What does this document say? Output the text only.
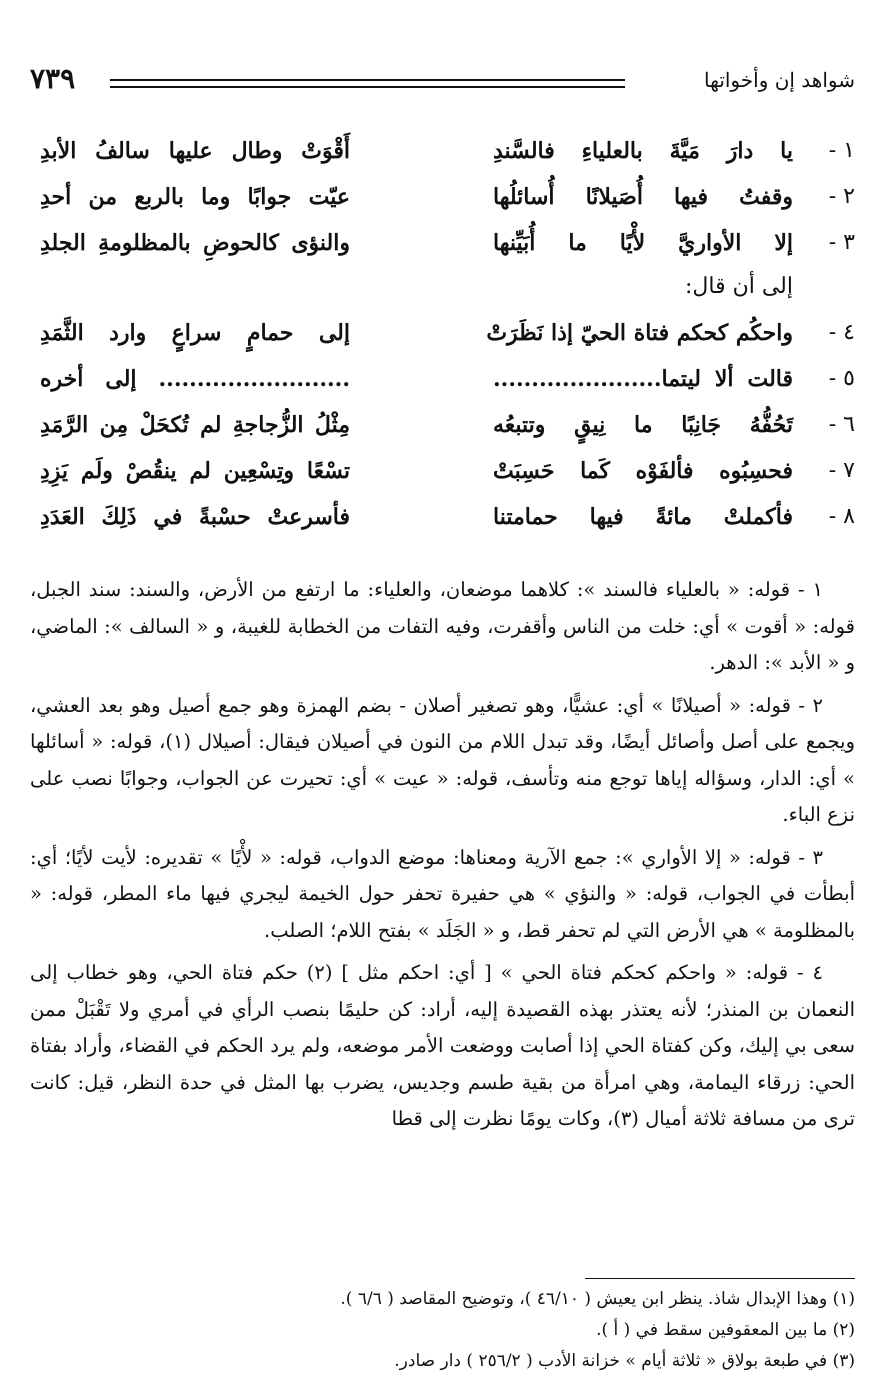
شواهد إن وأخواتها
٧٣٩
١ -
يا دارَ مَيَّةَ بالعلياءِ فالسَّندِ
أَقْوَتْ وطال عليها سالفُ الأبدِ
٢ -
وقفتُ فيها أُصَيلانًا أُسائلُها
عيّت جوابًا وما بالربع من أحدِ
٣ -
إلا الأواريَّ لأْيًا ما أُبَيِّنها
والنؤى كالحوضِ بالمظلومةِ الجلدِ
إلى أن قال:
٤ -
واحكُم كحكم فتاة الحيّ إذا نَظَرَتْ
إلى حمامٍ سراعٍ وارد الثَّمَدِ
٥ -
قالت ألا ليتما......................
......................... إلى أخره
٦ -
تَحُفُّهُ جَانِبًا ما نِيقٍ وتتبعُه
مِثْلُ الزُّجاجةِ لم تُكحَلْ مِن الرَّمَدِ
٧ -
فحسِبُوه فألفَوْه كَما حَسِبَتْ
تسْعًا وتِسْعِين لم ينقُصْ ولَم يَزِدِ
٨ -
فأكملتْ مائةً فيها حمامتنا
فأسرعتْ حسْبةً في ذَلِكَ العَدَدِ

١ - قوله: « بالعلياء فالسند »: كلاهما موضعان، والعلياء: ما ارتفع من الأرض، والسند: سند الجبل، قوله: « أقوت » أي: خلت من الناس وأقفرت، وفيه التفات من الخطابة للغيبة، و « السالف »: الماضي، و « الأبد »: الدهر.

٢ - قوله: « أصيلانًا » أي: عشيًّا، وهو تصغير أصلان - بضم الهمزة وهو جمع أصيل وهو بعد العشي، ويجمع على أصل وأصائل أيضًا، وقد تبدل اللام من النون في أصيلان فيقال: أصيلال (١)، قوله: « أسائلها » أي: الدار، وسؤاله إياها توجع منه وتأسف، قوله: « عيت » أي: تحيرت عن الجواب، وجوابًا نصب على نزع الباء.

٣ - قوله: « إلا الأواري »: جمع الآرية ومعناها: موضع الدواب، قوله: « لأْيًا » تقديره: لأيت لأيًا؛ أي: أبطأت في الجواب، قوله: « والنؤي » هي حفيرة تحفر حول الخيمة ليجري فيها ماء المطر، قوله: « بالمظلومة » هي الأرض التي لم تحفر قط، و « الجَلَد » بفتح اللام؛ الصلب.

٤ - قوله: « واحكم كحكم فتاة الحي » [ أي: احكم مثل ] (٢) حكم فتاة الحي، وهو خطاب إلى النعمان بن المنذر؛ لأنه يعتذر بهذه القصيدة إليه، أراد: كن حليمًا بنصب الرأي في أمري ولا تَقْبَلْ ممن سعى بي إليك، وكن كفتاة الحي إذا أصابت ووضعت الأمر موضعه، ولم يرد الحكم في القضاء، وأراد بفتاة الحي: زرقاء اليمامة، وهي امرأة من بقية طسم وجديس، يضرب بها المثل في حدة النظر، قيل: كانت ترى من مسافة ثلاثة أميال (٣)، وكات يومًا نظرت إلى قطا

(١) وهذا الإبدال شاذ. ينظر ابن يعيش ( ٤٦/١٠ )، وتوضيح المقاصد ( ٦/٦ ).
(٢) ما بين المعقوفين سقط في ( أ ).
(٣) في طبعة بولاق « ثلاثة أيام » خزانة الأدب ( ٢٥٦/٢ ) دار صادر.
